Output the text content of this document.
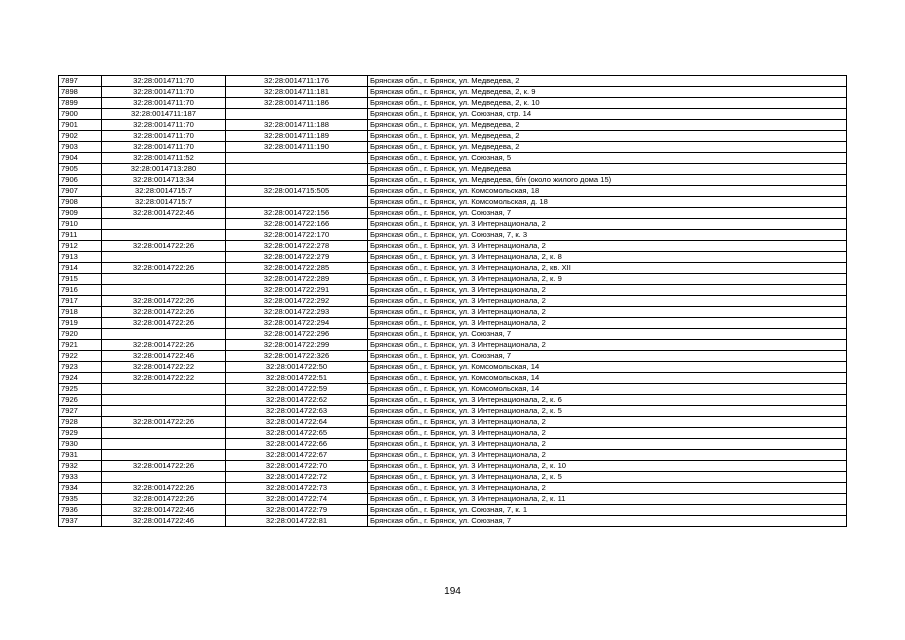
7897	32:28:0014711:70	32:28:0014711:176	Брянская обл., г. Брянск, ул. Медведева, 2
7898	32:28:0014711:70	32:28:0014711:181	Брянская обл., г. Брянск, ул. Медведева, 2, к. 9
7899	32:28:0014711:70	32:28:0014711:186	Брянская обл., г. Брянск, ул. Медведева, 2, к. 10
7900	32:28:0014711:187		Брянская обл., г. Брянск, ул. Союзная, стр. 14
7901	32:28:0014711:70	32:28:0014711:188	Брянская обл., г. Брянск, ул. Медведева, 2
7902	32:28:0014711:70	32:28:0014711:189	Брянская обл., г. Брянск, ул. Медведева, 2
7903	32:28:0014711:70	32:28:0014711:190	Брянская обл., г. Брянск, ул. Медведева, 2
7904	32:28:0014711:52		Брянская обл., г. Брянск, ул. Союзная, 5
7905	32:28:0014713:280		Брянская обл., г. Брянск, ул. Медведева
7906	32:28:0014713:34		Брянская обл., г. Брянск, ул. Медведева, б/н (около жилого дома 15)
7907	32:28:0014715:7	32:28:0014715:505	Брянская обл., г. Брянск, ул. Комсомольская, 18
7908	32:28:0014715:7		Брянская обл., г. Брянск, ул. Комсомольская, д. 18
7909	32:28:0014722:46	32:28:0014722:156	Брянская обл., г. Брянск, ул. Союзная, 7
7910		32:28:0014722:166	Брянская обл., г. Брянск, ул. 3 Интернационала, 2
7911		32:28:0014722:170	Брянская обл., г. Брянск, ул. Союзная, 7, к. 3
7912	32:28:0014722:26	32:28:0014722:278	Брянская обл., г. Брянск, ул. 3 Интернационала, 2
7913		32:28:0014722:279	Брянская обл., г. Брянск, ул. 3 Интернационала, 2, к. 8
7914	32:28:0014722:26	32:28:0014722:285	Брянская обл., г. Брянск, ул. 3 Интернационала, 2, кв. XII
7915		32:28:0014722:289	Брянская обл., г. Брянск, ул. 3 Интернационала, 2, к. 9
7916		32:28:0014722:291	Брянская обл., г. Брянск, ул. 3 Интернационала, 2
7917	32:28:0014722:26	32:28:0014722:292	Брянская обл., г. Брянск, ул. 3 Интернационала, 2
7918	32:28:0014722:26	32:28:0014722:293	Брянская обл., г. Брянск, ул. 3 Интернационала, 2
7919	32:28:0014722:26	32:28:0014722:294	Брянская обл., г. Брянск, ул. 3 Интернационала, 2
7920		32:28:0014722:296	Брянская обл., г. Брянск, ул. Союзная, 7
7921	32:28:0014722:26	32:28:0014722:299	Брянская обл., г. Брянск, ул. 3 Интернационала, 2
7922	32:28:0014722:46	32:28:0014722:326	Брянская обл., г. Брянск, ул. Союзная, 7
7923	32:28:0014722:22	32:28:0014722:50	Брянская обл., г. Брянск, ул. Комсомольская, 14
7924	32:28:0014722:22	32:28:0014722:51	Брянская обл., г. Брянск, ул. Комсомольская, 14
7925		32:28:0014722:59	Брянская обл., г. Брянск, ул. Комсомольская, 14
7926		32:28:0014722:62	Брянская обл., г. Брянск, ул. 3 Интернационала, 2, к. 6
7927		32:28:0014722:63	Брянская обл., г. Брянск, ул. 3 Интернационала, 2, к. 5
7928	32:28:0014722:26	32:28:0014722:64	Брянская обл., г. Брянск, ул. 3 Интернационала, 2
7929		32:28:0014722:65	Брянская обл., г. Брянск, ул. 3 Интернационала, 2
7930		32:28:0014722:66	Брянская обл., г. Брянск, ул. 3 Интернационала, 2
7931		32:28:0014722:67	Брянская обл., г. Брянск, ул. 3 Интернационала, 2
7932	32:28:0014722:26	32:28:0014722:70	Брянская обл., г. Брянск, ул. 3 Интернационала, 2, к. 10
7933		32:28:0014722:72	Брянская обл., г. Брянск, ул. 3 Интернационала, 2, к. 5
7934	32:28:0014722:26	32:28:0014722:73	Брянская обл., г. Брянск, ул. 3 Интернационала, 2
7935	32:28:0014722:26	32:28:0014722:74	Брянская обл., г. Брянск, ул. 3 Интернационала, 2, к. 11
7936	32:28:0014722:46	32:28:0014722:79	Брянская обл., г. Брянск, ул. Союзная, 7, к. 1
7937	32:28:0014722:46	32:28:0014722:81	Брянская обл., г. Брянск, ул. Союзная, 7
194
